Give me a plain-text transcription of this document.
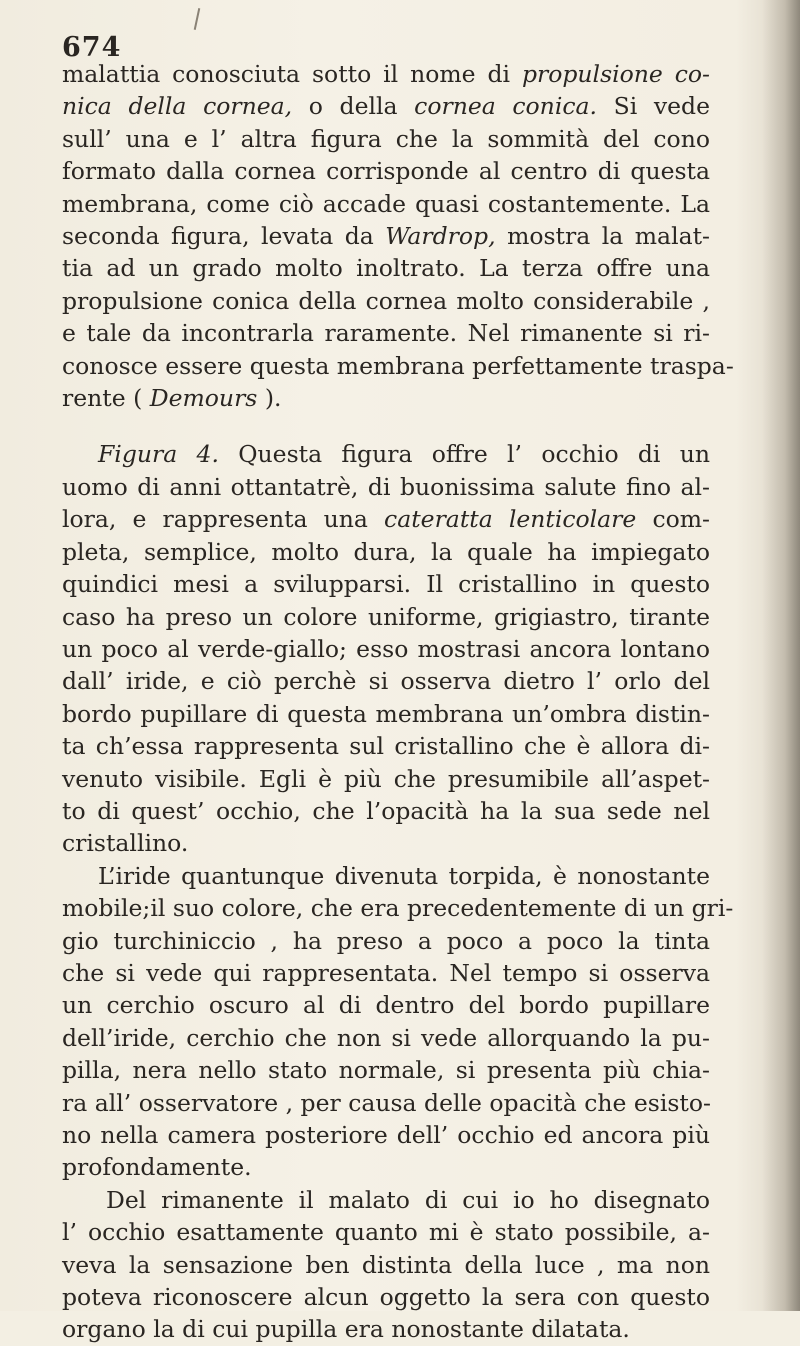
674
malattia conosciuta sotto il nome di propulsione co-
nica della cornea, o della cornea conica. Si vede
sull’ una e l’ altra figura che la sommità del cono
formato dalla cornea corrisponde al centro di questa
membrana, come ciò accade quasi costantemente. La
seconda figura, levata da Wardrop, mostra la malat-
tia ad un grado molto inoltrato. La terza offre una
propulsione conica della cornea molto considerabile ,
e tale da incontrarla raramente. Nel rimanente si ri-
conosce essere questa membrana perfettamente traspa-
rente ( Demours ).
Figura 4. Questa figura offre l’ occhio di un
uomo di anni ottantatrè, di buonissima salute fino al-
lora, e rappresenta una cateratta lenticolare com-
pleta, semplice, molto dura, la quale ha impiegato
quindici mesi a svilupparsi. Il cristallino in questo
caso ha preso un colore uniforme, grigiastro, tirante
un poco al verde-giallo; esso mostrasi ancora lontano
dall’ iride, e ciò perchè si osserva dietro l’ orlo del
bordo pupillare di questa membrana un’ombra distin-
ta ch’essa rappresenta sul cristallino che è allora di-
venuto visibile. Egli è più che presumibile all’aspet-
to di quest’ occhio, che l’opacità ha la sua sede nel
cristallino.
L’iride quantunque divenuta torpida, è nonostante
mobile;il suo colore, che era precedentemente di un gri-
gio turchiniccio , ha preso a poco a poco la tinta
che si vede qui rappresentata. Nel tempo si osserva
un cerchio oscuro al di dentro del bordo pupillare
dell’iride, cerchio che non si vede allorquando la pu-
pilla, nera nello stato normale, si presenta più chia-
ra all’ osservatore , per causa delle opacità che esisto-
no nella camera posteriore dell’ occhio ed ancora più
profondamente.
Del rimanente il malato di cui io ho disegnato
l’ occhio esattamente quanto mi è stato possibile, a-
veva la sensazione ben distinta della luce , ma non
poteva riconoscere alcun oggetto la sera con questo
organo la di cui pupilla era nonostante dilatata.
